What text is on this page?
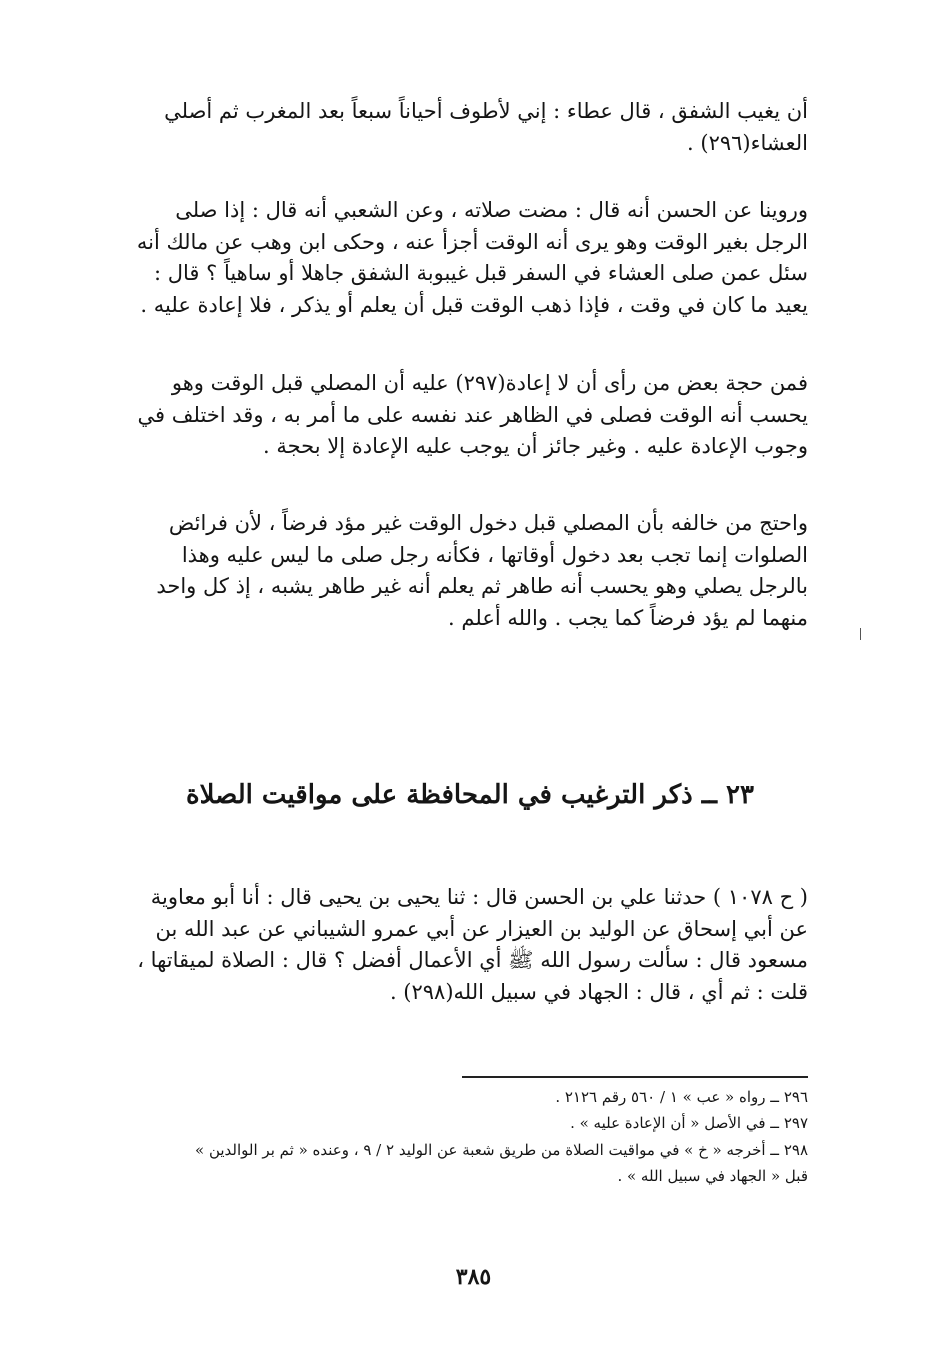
أن يغيب الشفق ، قال عطاء : إني لأطوف أحياناً سبعاً بعد المغرب ثم أصلي
العشاء(٢٩٦) .
وروينا عن الحسن أنه قال : مضت صلاته ، وعن الشعبي أنه قال : إذا صلى
الرجل بغير الوقت وهو يرى أنه الوقت أجزأ عنه ، وحكى ابن وهب عن مالك أنه
سئل عمن صلى العشاء في السفر قبل غيبوبة الشفق جاهلا أو ساهياً ؟ قال :
يعيد ما كان في وقت ، فإذا ذهب الوقت قبل أن يعلم أو يذكر ، فلا إعادة عليه .
فمن حجة بعض من رأى أن لا إعادة(٢٩٧) عليه أن المصلي قبل الوقت وهو
يحسب أنه الوقت فصلى في الظاهر عند نفسه على ما أمر به ، وقد اختلف في
وجوب الإعادة عليه . وغير جائز أن يوجب عليه الإعادة إلا بحجة .
واحتج من خالفه بأن المصلي قبل دخول الوقت غير مؤد فرضاً ، لأن فرائض
الصلوات إنما تجب بعد دخول أوقاتها ، فكأنه رجل صلى ما ليس عليه وهذا
بالرجل يصلي وهو يحسب أنه طاهر ثم يعلم أنه غير طاهر يشبه ، إذ كل واحد
منهما لم يؤد فرضاً كما يجب . والله أعلم .
٢٣ ــ ذكر الترغيب في المحافظة على مواقيت الصلاة
( ح ١٠٧٨ ) حدثنا علي بن الحسن قال : ثنا يحيى بن يحيى قال : أنا أبو معاوية
عن أبي إسحاق عن الوليد بن العيزار عن أبي عمرو الشيباني عن عبد الله بن
مسعود قال : سألت رسول الله ﷺ أي الأعمال أفضل ؟ قال : الصلاة لميقاتها ،
قلت : ثم أي ، قال : الجهاد في سبيل الله(٢٩٨) .
٢٩٦ ــ رواه « عب » ١ / ٥٦٠ رقم ٢١٢٦ .
٢٩٧ ــ في الأصل « أن الإعادة عليه » .
٢٩٨ ــ أخرجه « خ » في مواقيت الصلاة من طريق شعبة عن الوليد ٢ / ٩ ، وعنده « ثم بر الوالدين »
قبل « الجهاد في سبيل الله » .
٣٨٥
